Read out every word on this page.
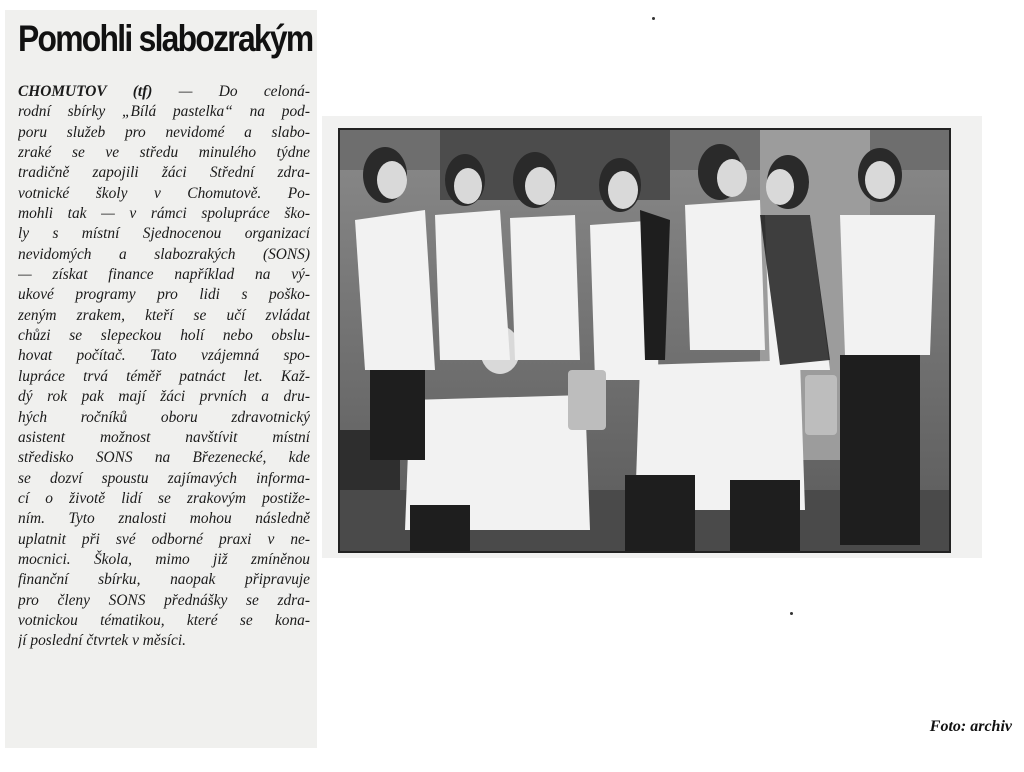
Pomohli slabozrakým
CHOMUTOV (tf) — Do celoná-
rodní sbírky „Bílá pastelka“ na pod-
poru služeb pro nevidomé a slabo-
zraké se ve středu minulého týdne
tradičně zapojili žáci Střední zdra-
votnické školy v Chomutově. Po-
mohli tak — v rámci spolupráce ško-
ly s místní Sjednocenou organizací
nevidomých a slabozrakých (SONS)
— získat finance například na vý-
ukové programy pro lidi s poško-
zeným zrakem, kteří se učí zvládat
chůzi se slepeckou holí nebo obslu-
hovat počítač. Tato vzájemná spo-
lupráce trvá téměř patnáct let. Kaž-
dý rok pak mají žáci prvních a dru-
hých ročníků oboru zdravotnický
asistent možnost navštívit místní
středisko SONS na Březenecké, kde
se dozví spoustu zajímavých informa-
cí o životě lidí se zrakovým postiže-
ním. Tyto znalosti mohou následně
uplatnit při své odborné praxi v ne-
mocnici. Škola, mimo již zmíněnou
finanční sbírku, naopak připravuje
pro členy SONS přednášky se zdra-
votnickou tématikou, které se kona-
jí poslední čtvrtek v měsíci.
Foto: archiv
